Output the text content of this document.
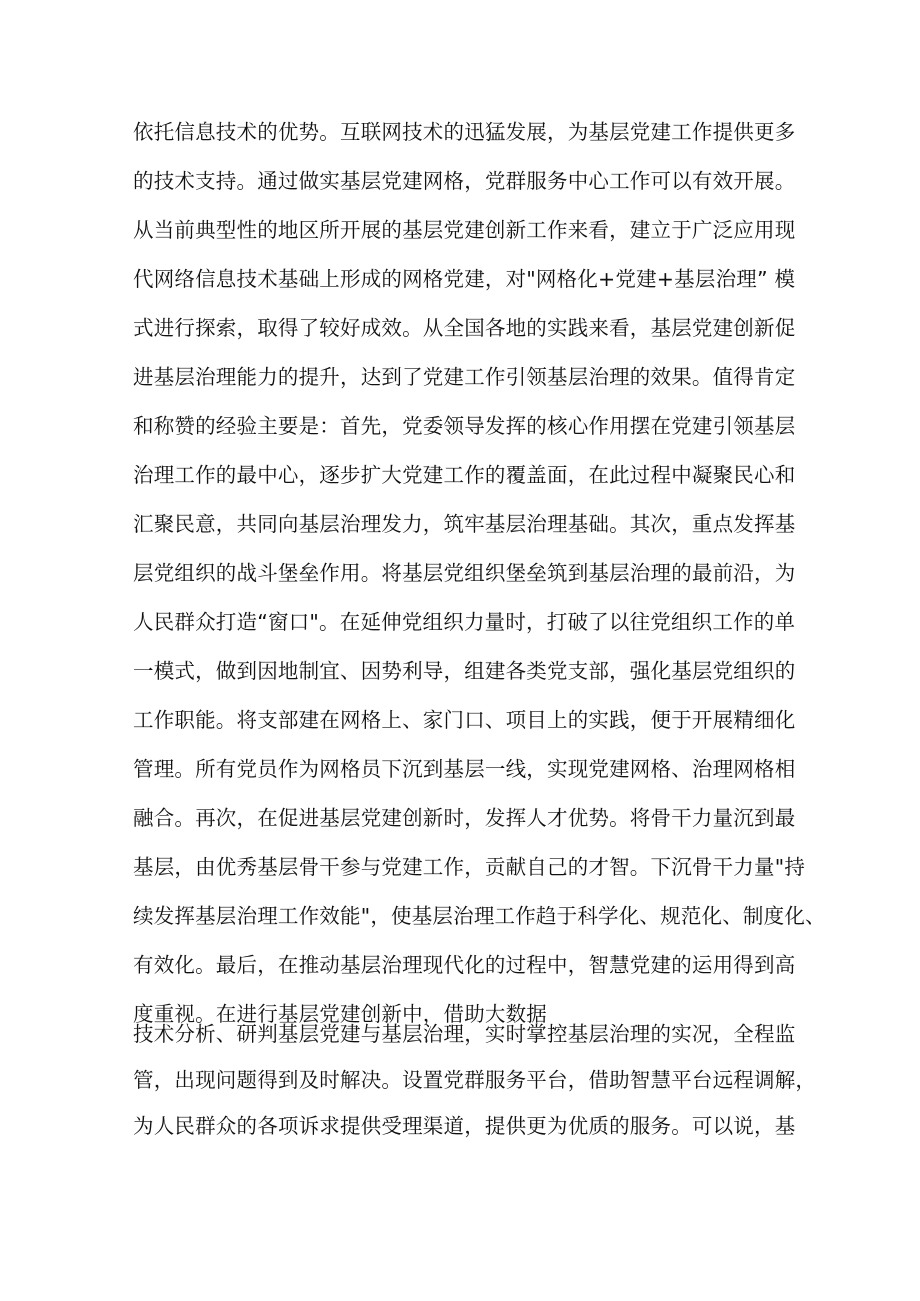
依托信息技术的优势。互联网技术的迅猛发展，为基层党建工作提供更多
的技术支持。通过做实基层党建网格，党群服务中心工作可以有效开展。
从当前典型性的地区所开展的基层党建创新工作来看，建立于广泛应用现
代网络信息技术基础上形成的网格党建，对"网格化+党建+基层治理” 模
式进行探索，取得了较好成效。从全国各地的实践来看，基层党建创新促
进基层治理能力的提升，达到了党建工作引领基层治理的效果。值得肯定
和称赞的经验主要是：首先，党委领导发挥的核心作用摆在党建引领基层
治理工作的最中心，逐步扩大党建工作的覆盖面，在此过程中凝聚民心和
汇聚民意，共同向基层治理发力，筑牢基层治理基础。其次，重点发挥基
层党组织的战斗堡垒作用。将基层党组织堡垒筑到基层治理的最前沿，为
人民群众打造“窗口"。在延伸党组织力量时，打破了以往党组织工作的单
一模式，做到因地制宜、因势利导，组建各类党支部，强化基层党组织的
工作职能。将支部建在网格上、家门口、项目上的实践，便于开展精细化
管理。所有党员作为网格员下沉到基层一线，实现党建网格、治理网格相
融合。再次，在促进基层党建创新时，发挥人才优势。将骨干力量沉到最
基层，由优秀基层骨干参与党建工作，贡献自己的才智。下沉骨干力量"持
续发挥基层治理工作效能"，使基层治理工作趋于科学化、规范化、制度化、
有效化。最后，在推动基层治理现代化的过程中，智慧党建的运用得到高
度重视。在进行基层党建创新中，借助大数据
技术分析、研判基层党建与基层治理，实时掌控基层治理的实况，全程监
管，出现问题得到及时解决。设置党群服务平台，借助智慧平台远程调解，
为人民群众的各项诉求提供受理渠道，提供更为优质的服务。可以说，基
